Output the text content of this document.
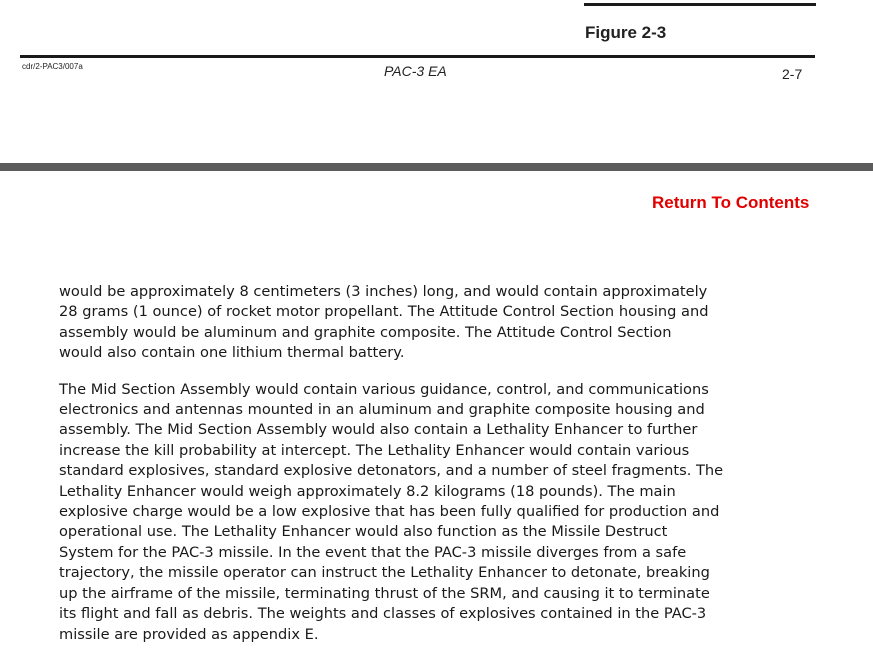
Figure 2-3
cdr/2-PAC3/007a	PAC-3 EA	2-7
Return To Contents

would be approximately 8 centimeters (3 inches) long, and would contain approximately
28 grams (1 ounce) of rocket motor propellant. The Attitude Control Section housing and
assembly would be aluminum and graphite composite. The Attitude Control Section
would also contain one lithium thermal battery.

The Mid Section Assembly would contain various guidance, control, and communications
electronics and antennas mounted in an aluminum and graphite composite housing and
assembly. The Mid Section Assembly would also contain a Lethality Enhancer to further
increase the kill probability at intercept. The Lethality Enhancer would contain various
standard explosives, standard explosive detonators, and a number of steel fragments. The
Lethality Enhancer would weigh approximately 8.2 kilograms (18 pounds). The main
explosive charge would be a low explosive that has been fully qualified for production and
operational use. The Lethality Enhancer would also function as the Missile Destruct
System for the PAC-3 missile. In the event that the PAC-3 missile diverges from a safe
trajectory, the missile operator can instruct the Lethality Enhancer to detonate, breaking
up the airframe of the missile, terminating thrust of the SRM, and causing it to terminate
its flight and fall as debris. The weights and classes of explosives contained in the PAC-3
missile are provided as appendix E.
